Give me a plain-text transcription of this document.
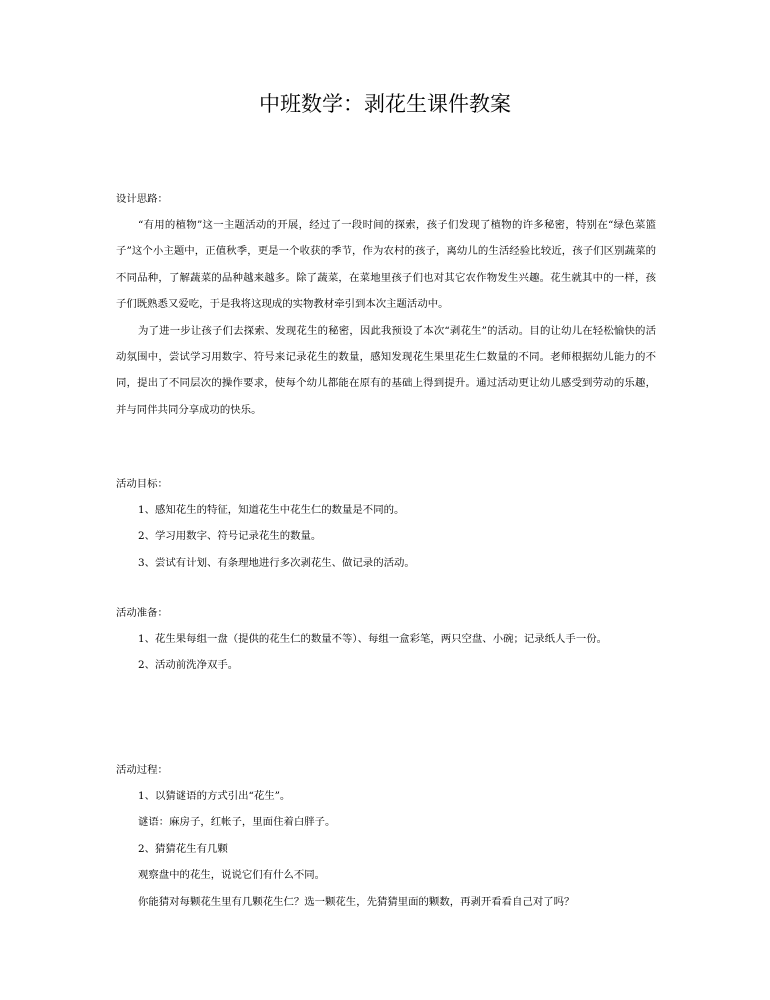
中班数学：剥花生课件教案

设计思路：

“有用的植物”这一主题活动的开展，经过了一段时间的探索，孩子们发现了植物的许多秘密，特别在“绿色菜篮子”这个小主题中，正值秋季，更是一个收获的季节，作为农村的孩子，离幼儿的生活经验比较近，孩子们区别蔬菜的不同品种，了解蔬菜的品种越来越多。除了蔬菜，在菜地里孩子们也对其它农作物发生兴趣。花生就其中的一样，孩子们既熟悉又爱吃，于是我将这现成的实物教材牵引到本次主题活动中。

为了进一步让孩子们去探索、发现花生的秘密，因此我预设了本次“剥花生”的活动。目的让幼儿在轻松愉快的活动氛围中，尝试学习用数字、符号来记录花生的数量，感知发现花生果里花生仁数量的不同。老师根据幼儿能力的不同，提出了不同层次的操作要求，使每个幼儿都能在原有的基础上得到提升。通过活动更让幼儿感受到劳动的乐趣，并与同伴共同分享成功的快乐。

活动目标：

1、感知花生的特征，知道花生中花生仁的数量是不同的。

2、学习用数字、符号记录花生的数量。

3、尝试有计划、有条理地进行多次剥花生、做记录的活动。

活动准备：

1、花生果每组一盘（提供的花生仁的数量不等）、每组一盒彩笔，两只空盘、小碗；记录纸人手一份。

2、活动前洗净双手。

活动过程：

1、以猜谜语的方式引出“花生”。

谜语：麻房子，红帐子，里面住着白胖子。

2、猜猜花生有几颗

观察盘中的花生，说说它们有什么不同。

你能猜对每颗花生里有几颗花生仁？选一颗花生，先猜猜里面的颗数，再剥开看看自己对了吗？
